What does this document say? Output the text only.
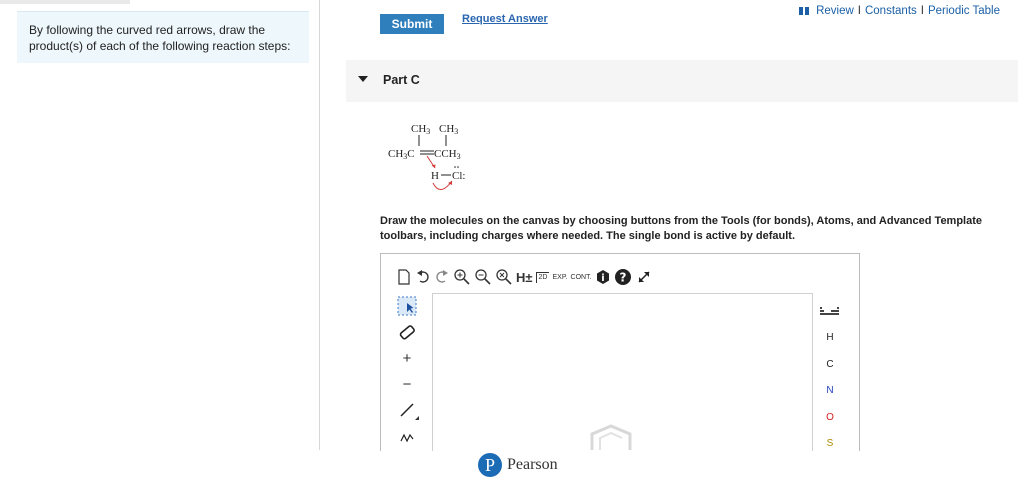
By following the curved red arrows, draw the product(s) of each of the following reaction steps:
Review I Constants I Periodic Table
Submit	Request Answer
Part C
CH3 CH3
CH3C CCH3
H Cl:
Draw the molecules on the canvas by choosing buttons from the Tools (for bonds), Atoms, and Advanced Template toolbars, including charges where needed. The single bond is active by default.
H± 2D EXP. CONT. i ?
+
−
H
C
N
O
S
P Pearson
